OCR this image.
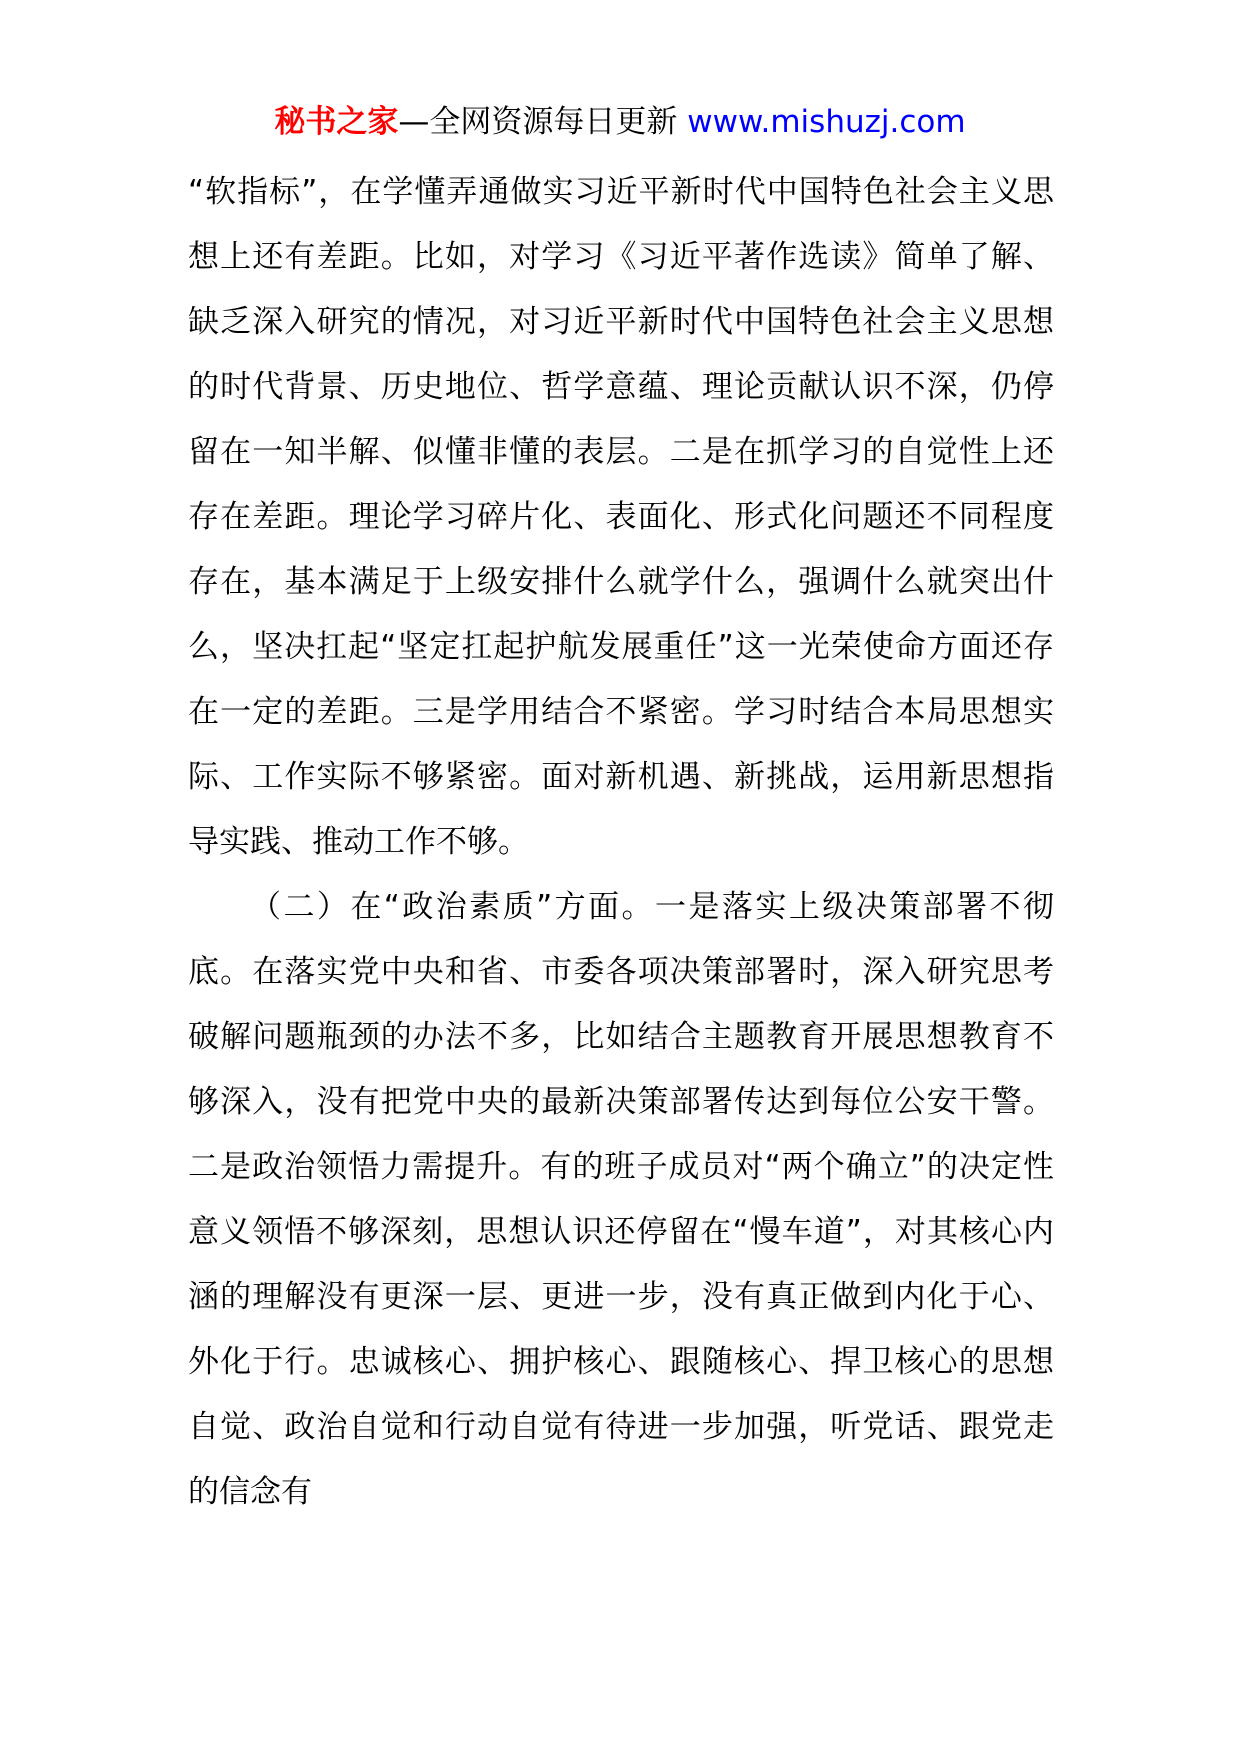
秘书之家—全网资源每日更新 www.mishuzj.com

“软指标”，在学懂弄通做实习近平新时代中国特色社会主义思想上还有差距。比如，对学习《习近平著作选读》简单了解、缺乏深入研究的情况，对习近平新时代中国特色社会主义思想的时代背景、历史地位、哲学意蕴、理论贡献认识不深，仍停留在一知半解、似懂非懂的表层。二是在抓学习的自觉性上还存在差距。理论学习碎片化、表面化、形式化问题还不同程度存在，基本满足于上级安排什么就学什么，强调什么就突出什么，坚决扛起“坚定扛起护航发展重任”这一光荣使命方面还存在一定的差距。三是学用结合不紧密。学习时结合本局思想实际、工作实际不够紧密。面对新机遇、新挑战，运用新思想指导实践、推动工作不够。

（二）在“政治素质”方面。一是落实上级决策部署不彻底。在落实党中央和省、市委各项决策部署时，深入研究思考破解问题瓶颈的办法不多，比如结合主题教育开展思想教育不够深入，没有把党中央的最新决策部署传达到每位公安干警。二是政治领悟力需提升。有的班子成员对“两个确立”的决定性意义领悟不够深刻，思想认识还停留在“慢车道”，对其核心内涵的理解没有更深一层、更进一步，没有真正做到内化于心、外化于行。忠诚核心、拥护核心、跟随核心、捍卫核心的思想自觉、政治自觉和行动自觉有待进一步加强，听党话、跟党走的信念有
